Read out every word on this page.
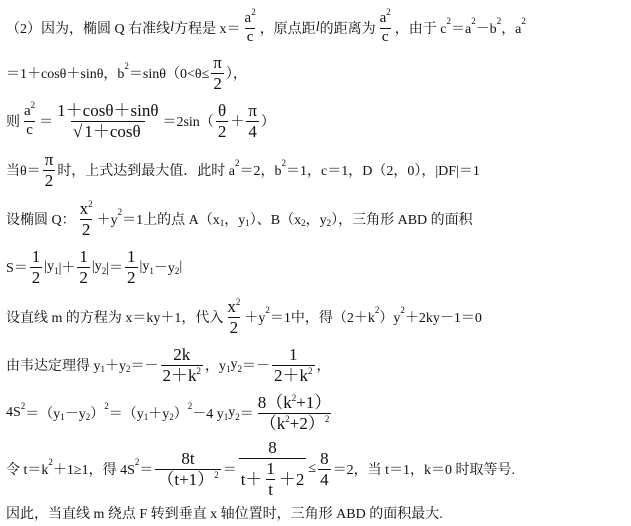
（2）因为，椭圆 Q 右准线 l 方程是 $x= \frac{a^2}{c}$ ，原点距 l 的距离为 $\frac{a^2}{c}$ ，由于 c
2
＝a
2
－b
2
，a
2
＝1＋cosθ＋sinθ，b
2
$=\sin\theta(0<\theta\le \frac{\pi}{2}$ ），
则 $\frac{a^2}{c} = \frac{1+\cos\theta+\sin\theta}{√ 1+\cos\theta} =2\sin( \frac{\theta}{2} + \frac{\pi}{4}$ ）
当$\theta= \frac{\pi}{2}$ 时，上式达到最大值．此时 a
2
＝2，b
2
＝1，c＝1，D（2，0），|DF|＝1
设椭圆 Q： $\frac{x^2}{2} +y$
2
＝1上的点 A（x 1 ，y 1 ）、B（x 2 ，y 2 ），三角形 ABD 的面积
$S= \frac{1}{2} |y$ 1 |＋ $\frac{1}{2} |y$ 2 |＝ $\frac{1}{2} |y$ 1 －y 2 |
设直线 m 的方程为 x＝ky＋1，代入 $\frac{x^2}{2} +y$
2
＝1中，得（2＋k
2
）y
2
＋2ky－1＝0
由韦达定理得 y 1 ＋y $2 =- \frac{2k}{2+k^2}$ ，y 1 y $2 =- \frac{1}{2+k^2}$ ，
4S 2
＝（y 1 －y 2 ）
2
＝（y 1 ＋y 2 ）
2
－4 y 1 y $2 = \frac{8(k^2+1)}{(k^2+2)^2}$
令 t＝k
2
＋1≥1，得 4S
2
＝ $\frac{8t}{(t+1)^2} = \frac{8}{t+ \frac{1}{t} +2} \le \frac{8}{4} =2$，当 t＝1，k＝0 时取等号.
因此，当直线 m 绕点 F 转到垂直 x 轴位置时，三角形 ABD 的面积最大.
